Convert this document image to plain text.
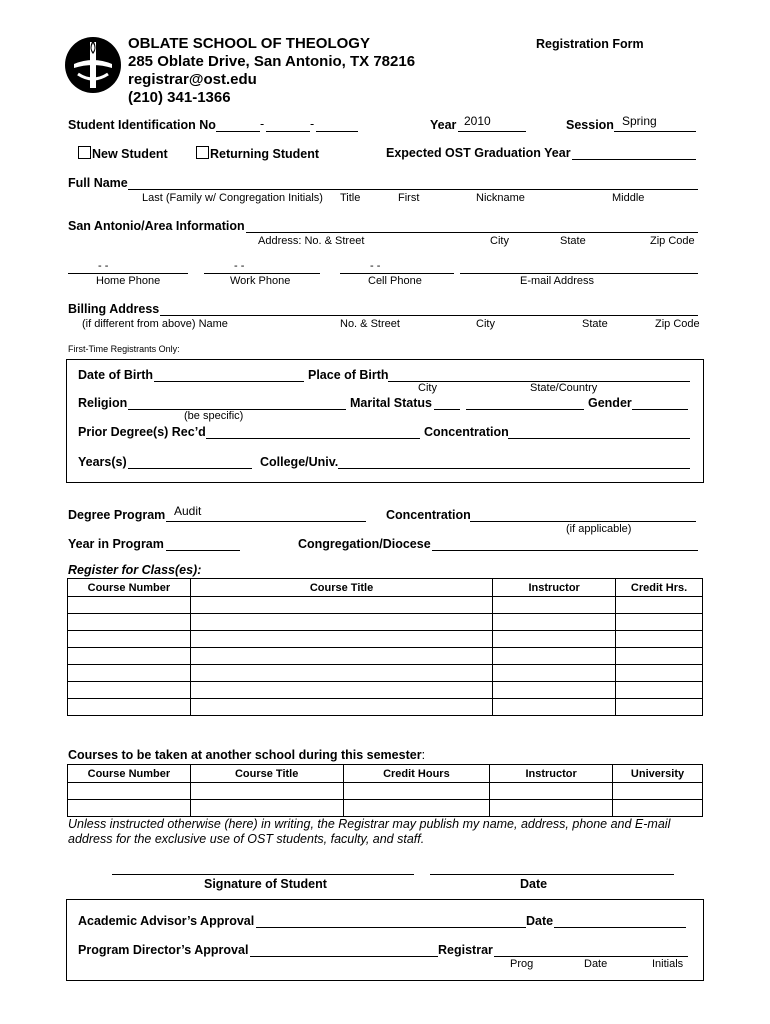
OBLATE SCHOOL OF THEOLOGY
285 Oblate Drive, San Antonio, TX 78216
registrar@ost.edu
(210) 341-1366
Registration Form
Student Identification No	-	-	Year 2010	Session Spring
New Student	Returning Student	Expected OST Graduation Year
Full Name
Last (Family w/ Congregation Initials) Title	First	Nickname	Middle
San Antonio/Area Information
Address: No. & Street	City	State	Zip Code
- -	- -	- -
Home Phone	Work Phone	Cell Phone	E-mail Address
Billing Address
(if different from above) Name	No. & Street	City	State	Zip Code
First-Time Registrants Only:
Date of Birth	Place of Birth
City	State/Country
Religion
(be specific)
Marital Status	Gender
Prior Degree(s) Rec’d	Concentration
Years(s)	College/Univ.
Degree Program Audit	Concentration
(if applicable)
Year in Program	Congregation/Diocese
Register for Class(es):
Course Number	Course Title	Instructor	Credit Hrs.

Courses to be taken at another school during this semester:
Course Number	Course Title	Credit Hours	Instructor	University

Unless instructed otherwise (here) in writing, the Registrar may publish my name, address, phone and E-mail
address for the exclusive use of OST students, faculty, and staff.
Signature of Student	Date
Academic Advisor’s Approval	Date
Program Director’s Approval	Registrar
Prog	Date	Initials
